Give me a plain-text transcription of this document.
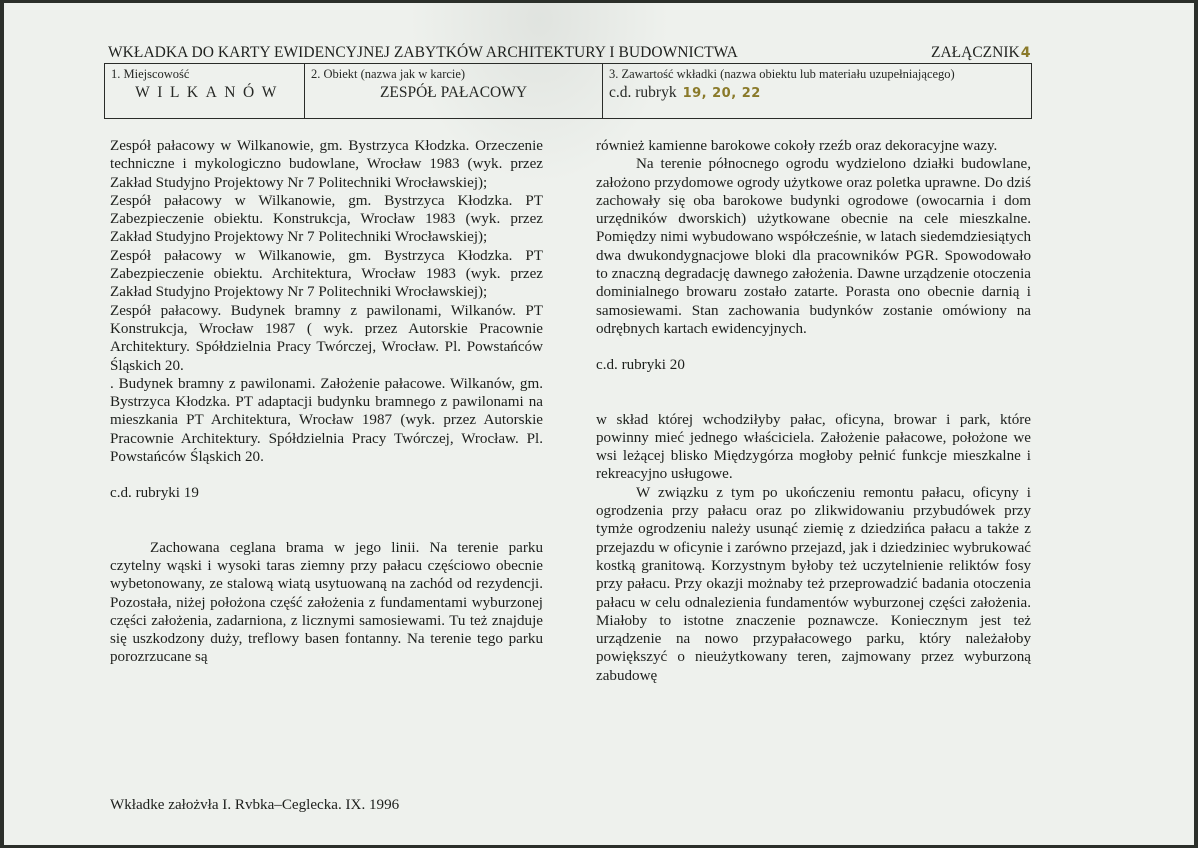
WKŁADKA DO KARTY EWIDENCYJNEJ ZABYTKÓW ARCHITEKTURY I BUDOWNICTWA	ZAŁĄCZNIK4
1. Miejscowość
WILKANÓW
2. Obiekt (nazwa jak w karcie)
ZESPÓŁ PAŁACOWY
3. Zawartość wkładki (nazwa obiektu lub materiału uzupełniającego)
c.d. rubryk 19, 20, 22

Zespół pałacowy w Wilkanowie, gm. Bystrzyca Kłodzka. Orzeczenie techniczne i mykologiczno budowlane, Wrocław 1983 (wyk. przez Zakład Studyjno Projektowy Nr 7 Politechniki Wrocławskiej);

Zespół pałacowy w Wilkanowie, gm. Bystrzyca Kłodzka. PT Zabezpieczenie obiektu. Konstrukcja, Wrocław 1983 (wyk. przez Zakład Studyjno Projektowy Nr 7 Politechniki Wrocławskiej);

Zespół pałacowy w Wilkanowie, gm. Bystrzyca Kłodzka. PT Zabezpieczenie obiektu. Architektura, Wrocław 1983 (wyk. przez Zakład Studyjno Projektowy Nr 7 Politechniki Wrocławskiej);

Zespół pałacowy. Budynek bramny z pawilonami, Wilkanów. PT Konstrukcja, Wrocław 1987 ( wyk. przez Autorskie Pracownie Architektury. Spółdzielnia Pracy Twórczej, Wrocław. Pl. Powstańców Śląskich 20.

. Budynek bramny z pawilonami. Założenie pałacowe. Wilkanów, gm. Bystrzyca Kłodzka. PT adaptacji budynku bramnego z pawilonami na mieszkania PT Architektura, Wrocław 1987 (wyk. przez Autorskie Pracownie Architektury. Spółdzielnia Pracy Twórczej, Wrocław. Pl. Powstańców Śląskich 20.

c.d. rubryki 19

Zachowana ceglana brama w jego linii. Na terenie parku czytelny wąski i wysoki taras ziemny przy pałacu częściowo obecnie wybetonowany, ze stalową wiatą usytuowaną na zachód od rezydencji. Pozostała, niżej położona część założenia z fundamentami wyburzonej części założenia, zadarniona, z licznymi samosiewami. Tu też znajduje się uszkodzony duży, treflowy basen fontanny. Na terenie tego parku porozrzucane są

również kamienne barokowe cokoły rzeźb oraz dekoracyjne wazy.

Na terenie północnego ogrodu wydzielono działki budowlane, założono przydomowe ogrody użytkowe oraz poletka uprawne. Do dziś zachowały się oba barokowe budynki ogrodowe (owocarnia i dom urzędników dworskich) użytkowane obecnie na cele mieszkalne. Pomiędzy nimi wybudowano współcześnie, w latach siedemdziesiątych dwa dwukondygnacjowe bloki dla pracowników PGR. Spowodowało to znaczną degradację dawnego założenia. Dawne urządzenie otoczenia dominialnego browaru zostało zatarte. Porasta ono obecnie darnią i samosiewami. Stan zachowania budynków zostanie omówiony na odrębnych kartach ewidencyjnych.

c.d. rubryki 20

w skład której wchodziłyby pałac, oficyna, browar i park, które powinny mieć jednego właściciela. Założenie pałacowe, położone we wsi leżącej blisko Międzygórza mogłoby pełnić funkcje mieszkalne i rekreacyjno usługowe.

W związku z tym po ukończeniu remontu pałacu, oficyny i ogrodzenia przy pałacu oraz po zlikwidowaniu przybudówek przy tymże ogrodzeniu należy usunąć ziemię z dziedzińca pałacu a także z przejazdu w oficynie i zarówno przejazd, jak i dziedziniec wybrukować kostką granitową. Korzystnym byłoby też uczytelnienie reliktów fosy przy pałacu. Przy okazji możnaby też przeprowadzić badania otoczenia pałacu w celu odnalezienia fundamentów wyburzonej części założenia. Miałoby to istotne znaczenie poznawcze. Koniecznym jest też urządzenie na nowo przypałacowego parku, który należałoby powiększyć o nieużytkowany teren, zajmowany przez wyburzoną zabudowę

Wkładke założvła I. Rvbka–Ceglecka. IX. 1996
